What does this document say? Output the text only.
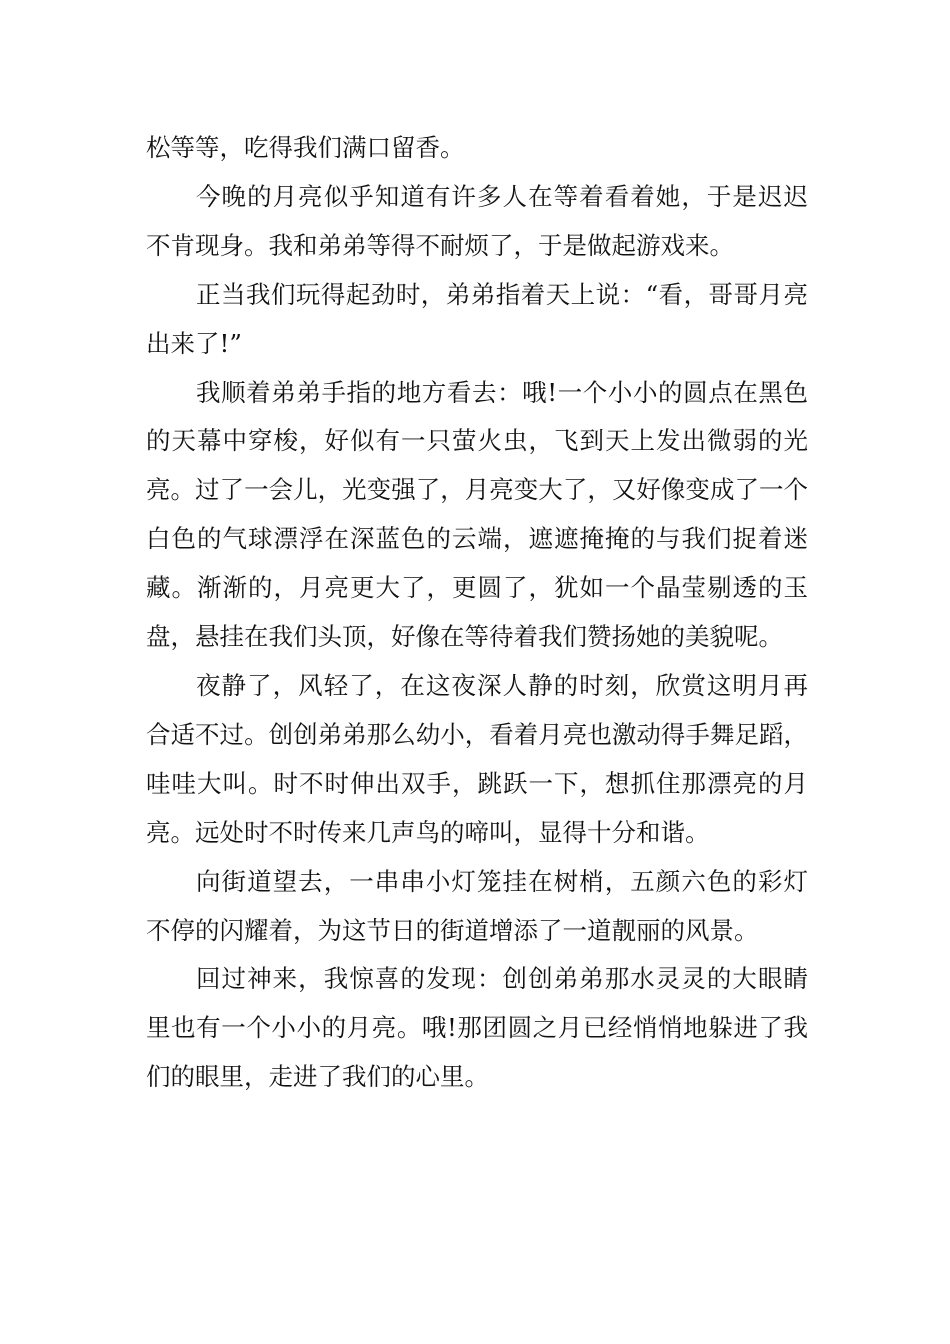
松等等，吃得我们满口留香。

今晚的月亮似乎知道有许多人在等着看着她，于是迟迟不肯现身。我和弟弟等得不耐烦了，于是做起游戏来。

正当我们玩得起劲时，弟弟指着天上说：“看，哥哥月亮出来了!”

我顺着弟弟手指的地方看去：哦!一个小小的圆点在黑色的天幕中穿梭，好似有一只萤火虫，飞到天上发出微弱的光亮。过了一会儿，光变强了，月亮变大了，又好像变成了一个白色的气球漂浮在深蓝色的云端，遮遮掩掩的与我们捉着迷藏。渐渐的，月亮更大了，更圆了，犹如一个晶莹剔透的玉盘，悬挂在我们头顶，好像在等待着我们赞扬她的美貌呢。

夜静了，风轻了，在这夜深人静的时刻，欣赏这明月再合适不过。创创弟弟那么幼小，看着月亮也激动得手舞足蹈，哇哇大叫。时不时伸出双手，跳跃一下，想抓住那漂亮的月亮。远处时不时传来几声鸟的啼叫，显得十分和谐。

向街道望去，一串串小灯笼挂在树梢，五颜六色的彩灯不停的闪耀着，为这节日的街道增添了一道靓丽的风景。

回过神来，我惊喜的发现：创创弟弟那水灵灵的大眼睛里也有一个小小的月亮。哦!那团圆之月已经悄悄地躲进了我们的眼里，走进了我们的心里。
